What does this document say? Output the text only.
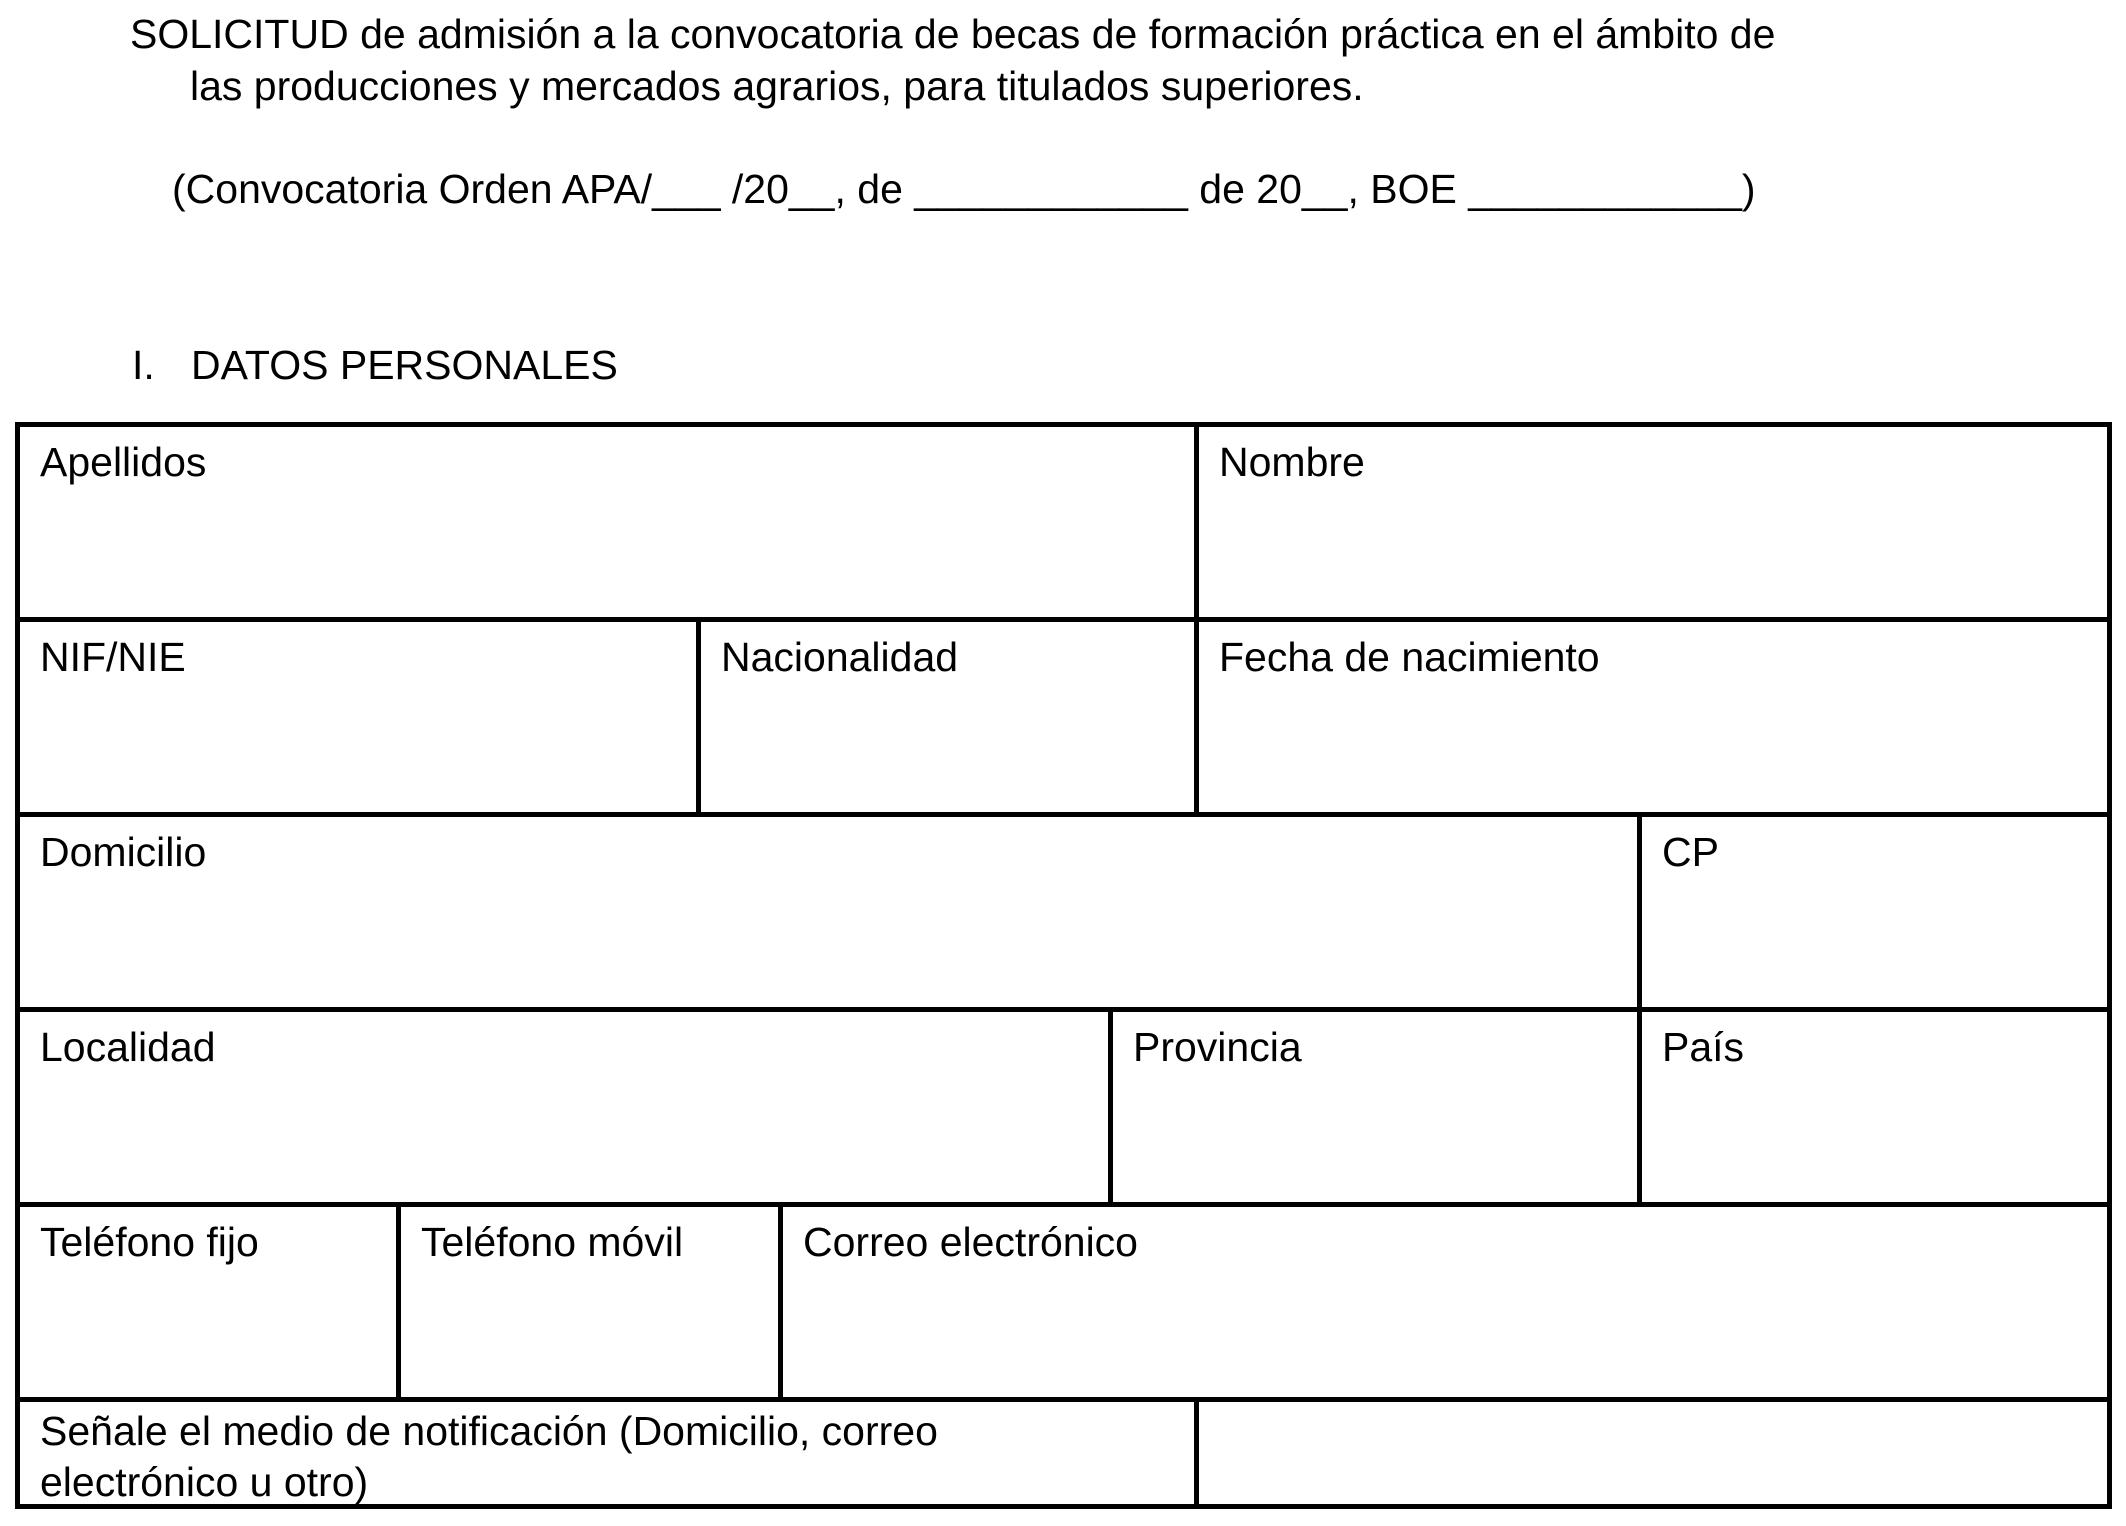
SOLICITUD de admisión a la convocatoria de becas de formación práctica en el ámbito de
las producciones y mercados agrarios, para titulados superiores.
(Convocatoria Orden APA/___ /20__, de ____________ de 20__, BOE ____________)
I. DATOS PERSONALES
Apellidos	Nombre
NIF/NIE	Nacionalidad	Fecha de nacimiento
Domicilio	CP
Localidad	Provincia	País
Teléfono fijo	Teléfono móvil	Correo electrónico
Señale el medio de notificación (Domicilio, correo electrónico u otro)
